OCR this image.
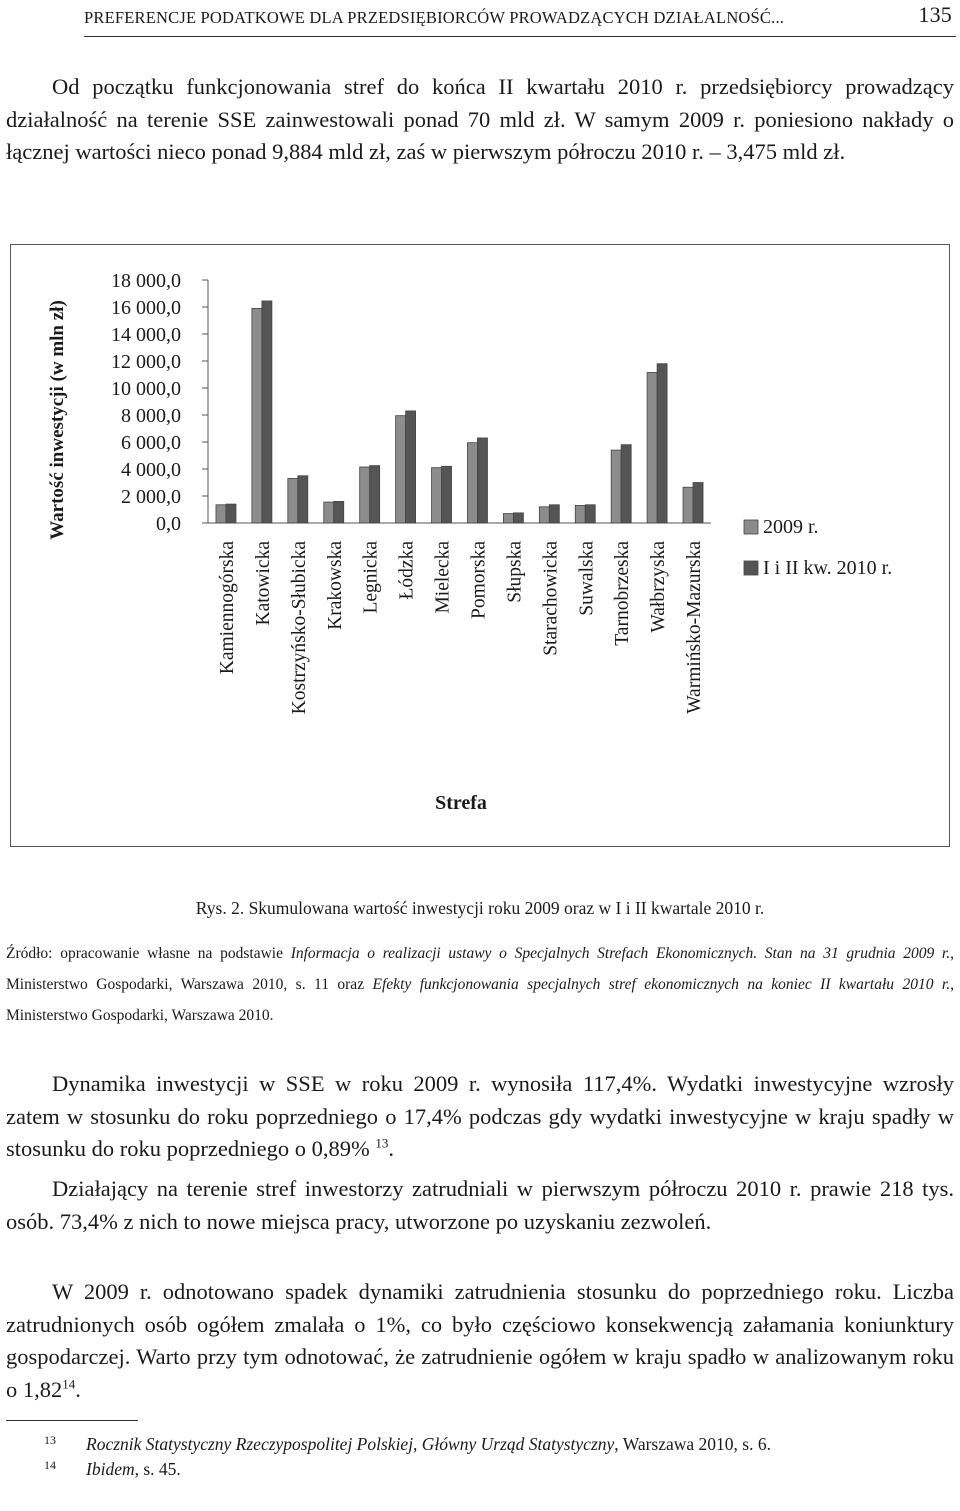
PREFERENCJE PODATKOWE DLA PRZEDSIĘBIORCÓW PROWADZĄCYCH DZIAŁALNOŚĆ...	135

Od początku funkcjonowania stref do końca II kwartału 2010 r. przedsiębiorcy prowadzący działalność na terenie SSE zainwestowali ponad 70 mld zł. W samym 2009 r. poniesiono nakłady o łącznej wartości nieco ponad 9,884 mld zł, zaś w pierwszym półroczu 2010 r. – 3,475 mld zł.

Wartość inwestycji (w mln zł)
18 000,0
16 000,0
14 000,0
12 000,0
10 000,0
8 000,0
6 000,0
4 000,0
2 000,0
0,0
Kamiennogórska Katowicka Kostrzyńsko-Słubicka Krakowska Legnicka Łódzka Mielecka Pomorska Słupska Starachowicka Suwalska Tarnobrzeska Wałbrzyska Warmińsko-Mazurska
Strefa
2009 r.
I i II kw. 2010 r.
Rys. 2. Skumulowana wartość inwestycji roku 2009 oraz w I i II kwartale 2010 r.

Źródło: opracowanie własne na podstawie Informacja o realizacji ustawy o Specjalnych Strefach Ekonomicznych. Stan na 31 grudnia 2009 r., Ministerstwo Gospodarki, Warszawa 2010, s. 11 oraz Efekty funkcjonowania specjalnych stref ekonomicznych na koniec II kwartału 2010 r., Ministerstwo Gospodarki, Warszawa 2010.

Dynamika inwestycji w SSE w roku 2009 r. wynosiła 117,4%. Wydatki inwestycyjne wzrosły zatem w stosunku do roku poprzedniego o 17,4% podczas gdy wydatki inwestycyjne w kraju spadły w stosunku do roku poprzedniego o 0,89% $^{13}$.

Działający na terenie stref inwestorzy zatrudniali w pierwszym półroczu 2010 r. prawie 218 tys. osób. 73,4% z nich to nowe miejsca pracy, utworzone po uzyskaniu zezwoleń.

W 2009 r. odnotowano spadek dynamiki zatrudnienia stosunku do poprzedniego roku. Liczba zatrudnionych osób ogółem zmalała o 1%, co było częściowo konsekwencją załamania koniunktury gospodarczej. Warto przy tym odnotować, że zatrudnienie ogółem w kraju spadło w analizowanym roku o 1,82$^{14}$.

13 Rocznik Statystyczny Rzeczypospolitej Polskiej, Główny Urząd Statystyczny, Warszawa 2010, s. 6.
14 Ibidem, s. 45.
